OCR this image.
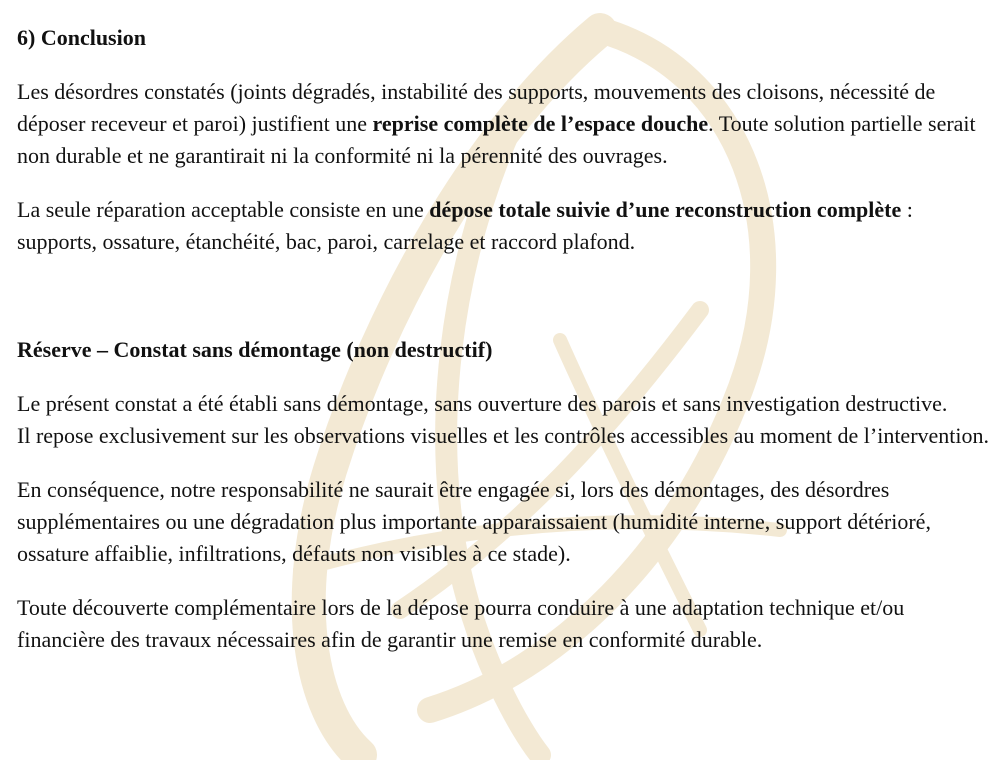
6) Conclusion

Les désordres constatés (joints dégradés, instabilité des supports, mouvements des cloisons, nécessité de déposer receveur et paroi) justifient une reprise complète de l’espace douche. Toute solution partielle serait non durable et ne garantirait ni la conformité ni la pérennité des ouvrages.

La seule réparation acceptable consiste en une dépose totale suivie d’une reconstruction complète : supports, ossature, étanchéité, bac, paroi, carrelage et raccord plafond.

Réserve – Constat sans démontage (non destructif)

Le présent constat a été établi sans démontage, sans ouverture des parois et sans investigation destructive.

Il repose exclusivement sur les observations visuelles et les contrôles accessibles au moment de l’intervention.

En conséquence, notre responsabilité ne saurait être engagée si, lors des démontages, des désordres supplémentaires ou une dégradation plus importante apparaissaient (humidité interne, support détérioré, ossature affaiblie, infiltrations, défauts non visibles à ce stade).

Toute découverte complémentaire lors de la dépose pourra conduire à une adaptation technique et/ou financière des travaux nécessaires afin de garantir une remise en conformité durable.
